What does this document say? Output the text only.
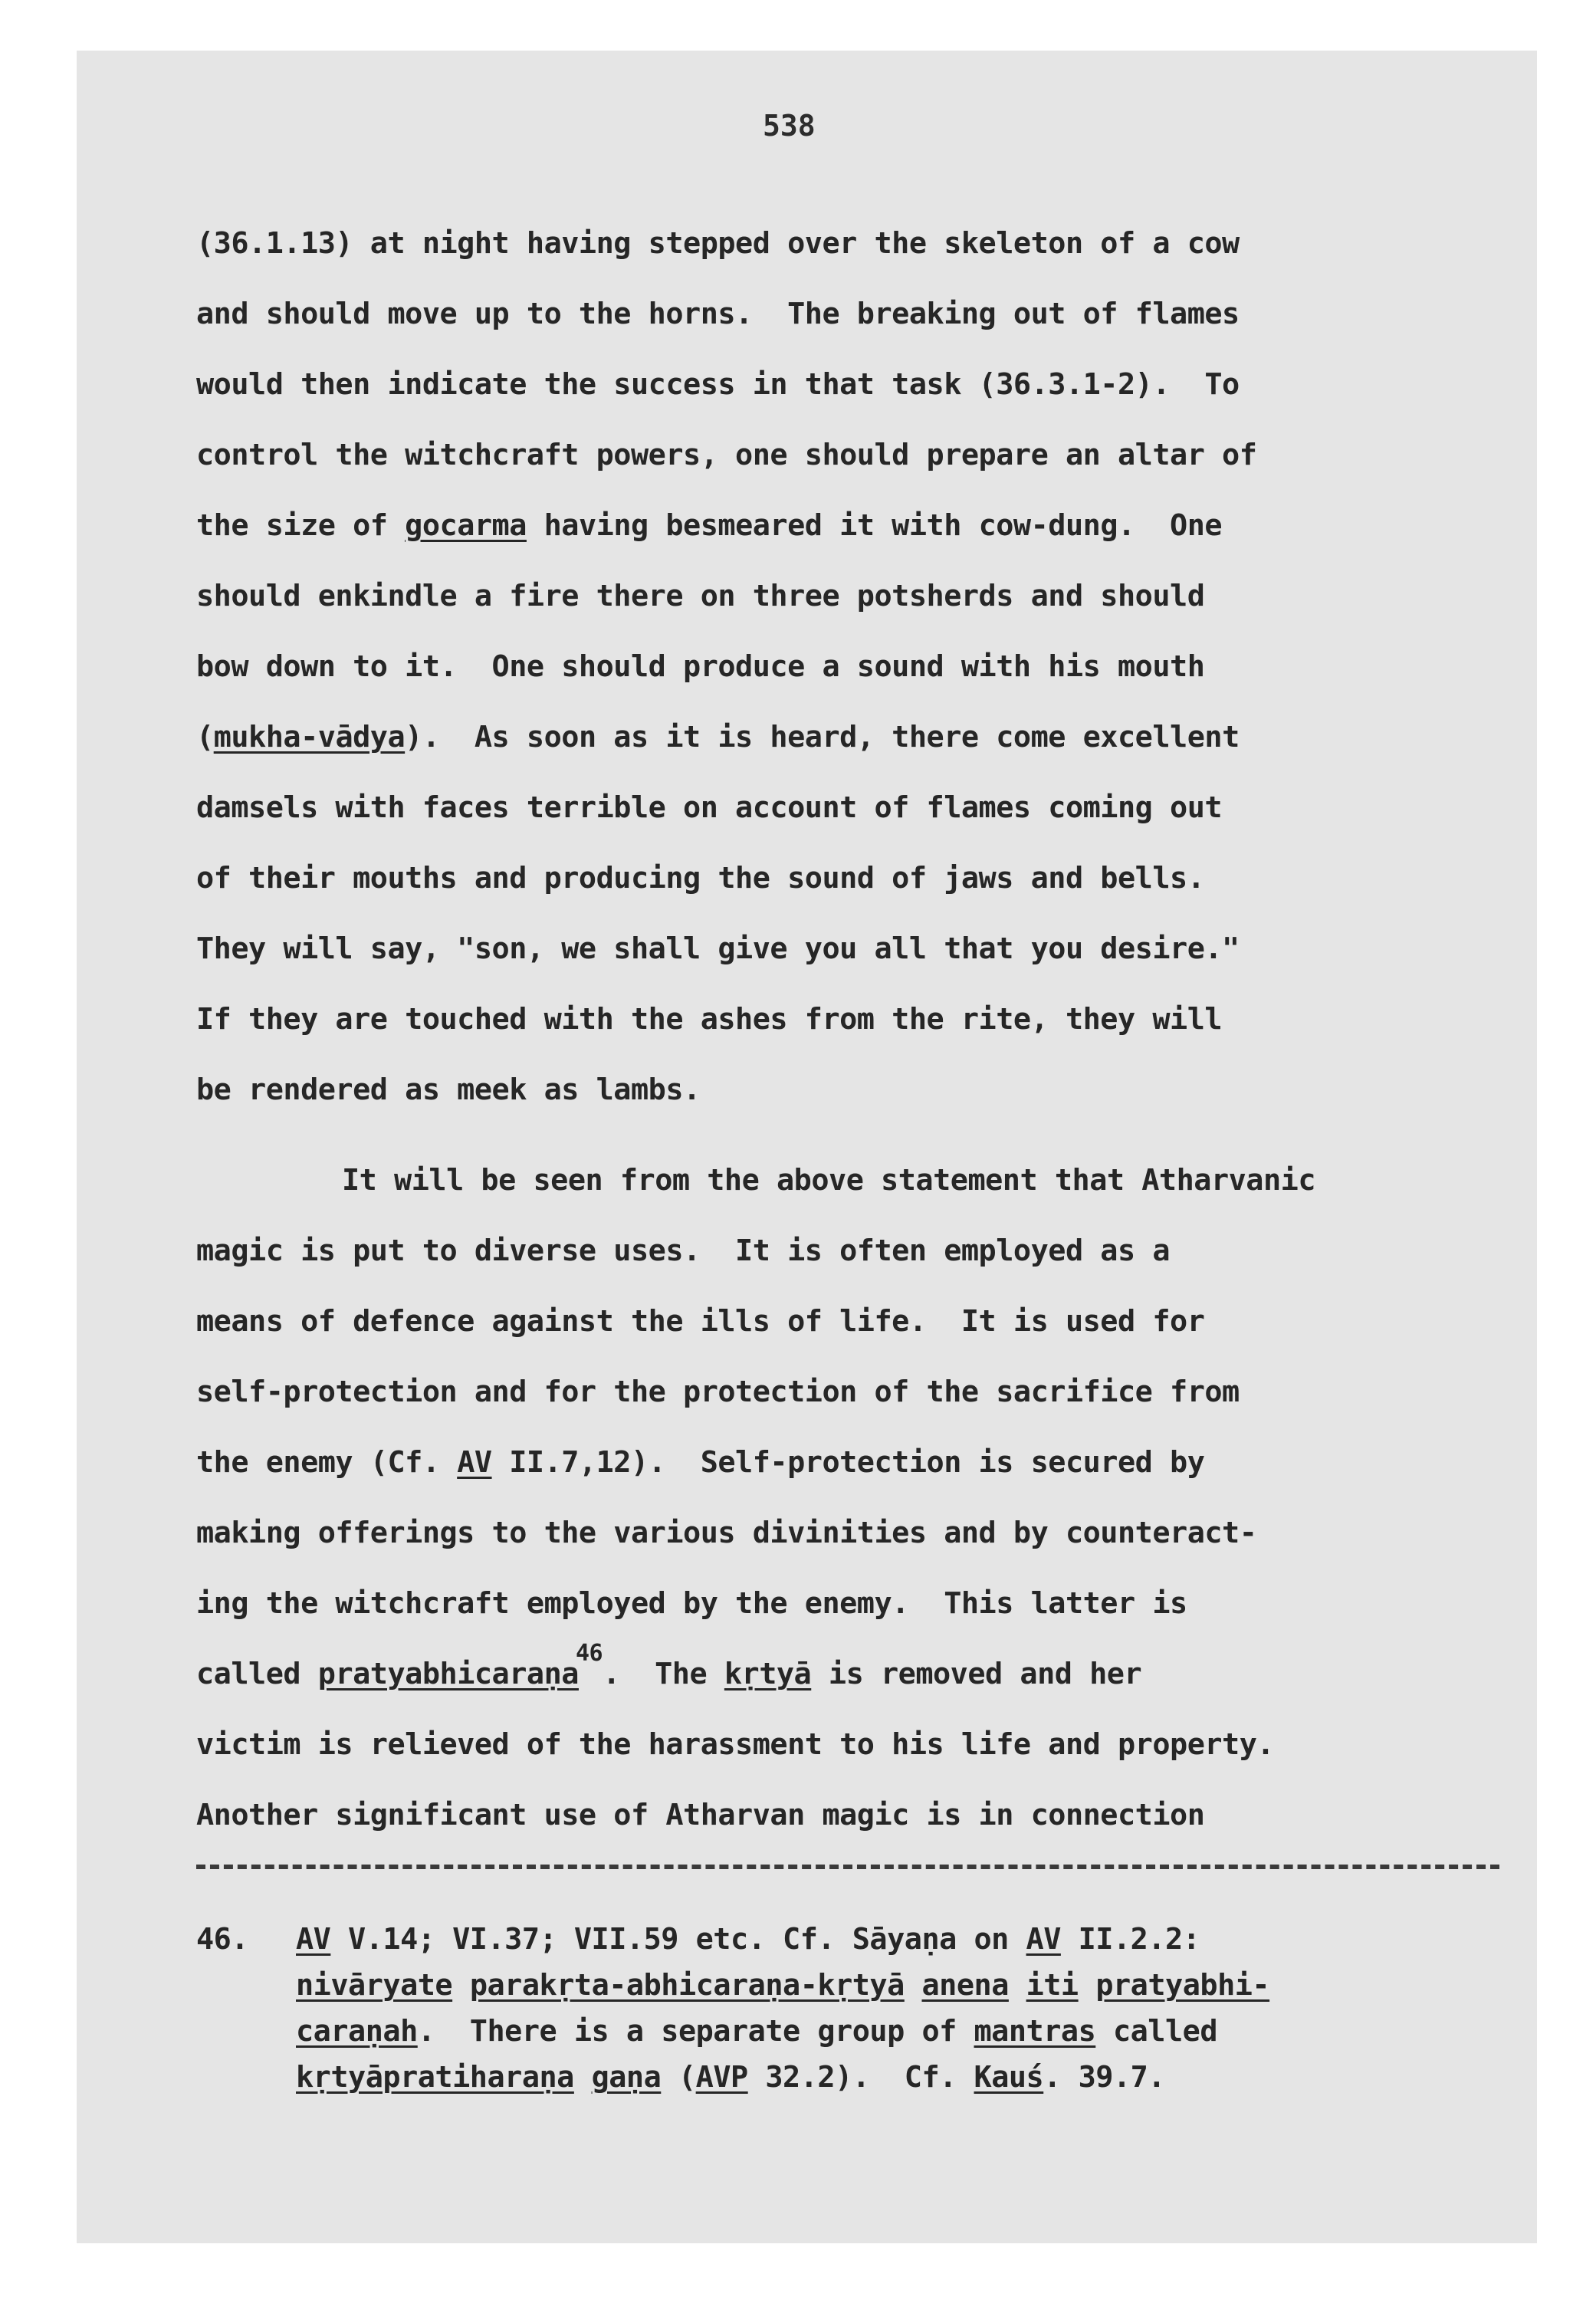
538
(36.1.13) at night having stepped over the skeleton of a cow
and should move up to the horns.  The breaking out of flames
would then indicate the success in that task (36.3.1-2).  To
control the witchcraft powers, one should prepare an altar of
the size of gocarma having besmeared it with cow-dung.  One
should enkindle a fire there on three potsherds and should
bow down to it.  One should produce a sound with his mouth
(mukha-vādya).  As soon as it is heard, there come excellent
damsels with faces terrible on account of flames coming out
of their mouths and producing the sound of jaws and bells.
They will say, "son, we shall give you all that you desire."
If they are touched with the ashes from the rite, they will
be rendered as meek as lambs.
It will be seen from the above statement that Atharvanic
magic is put to diverse uses.  It is often employed as a
means of defence against the ills of life.  It is used for
self-protection and for the protection of the sacrifice from
the enemy (Cf. AV II.7,12).  Self-protection is secured by
making offerings to the various divinities and by counteract-
ing the witchcraft employed by the enemy.  This latter is
called pratyabhicaraṇa$^{46}$.  The kṛtyā is removed and her
victim is relieved of the harassment to his life and property.
Another significant use of Atharvan magic is in connection
46. AV V.14; VI.37; VII.59 etc. Cf. Sāyaṇa on AV II.2.2:
nivāryate parakṛta-abhicaraṇa-kṛtyā anena iti pratyabhi-
caraṇah.  There is a separate group of mantras called
kṛtyāpratiharaṇa gaṇa (AVP 32.2).  Cf. Kauś. 39.7.
